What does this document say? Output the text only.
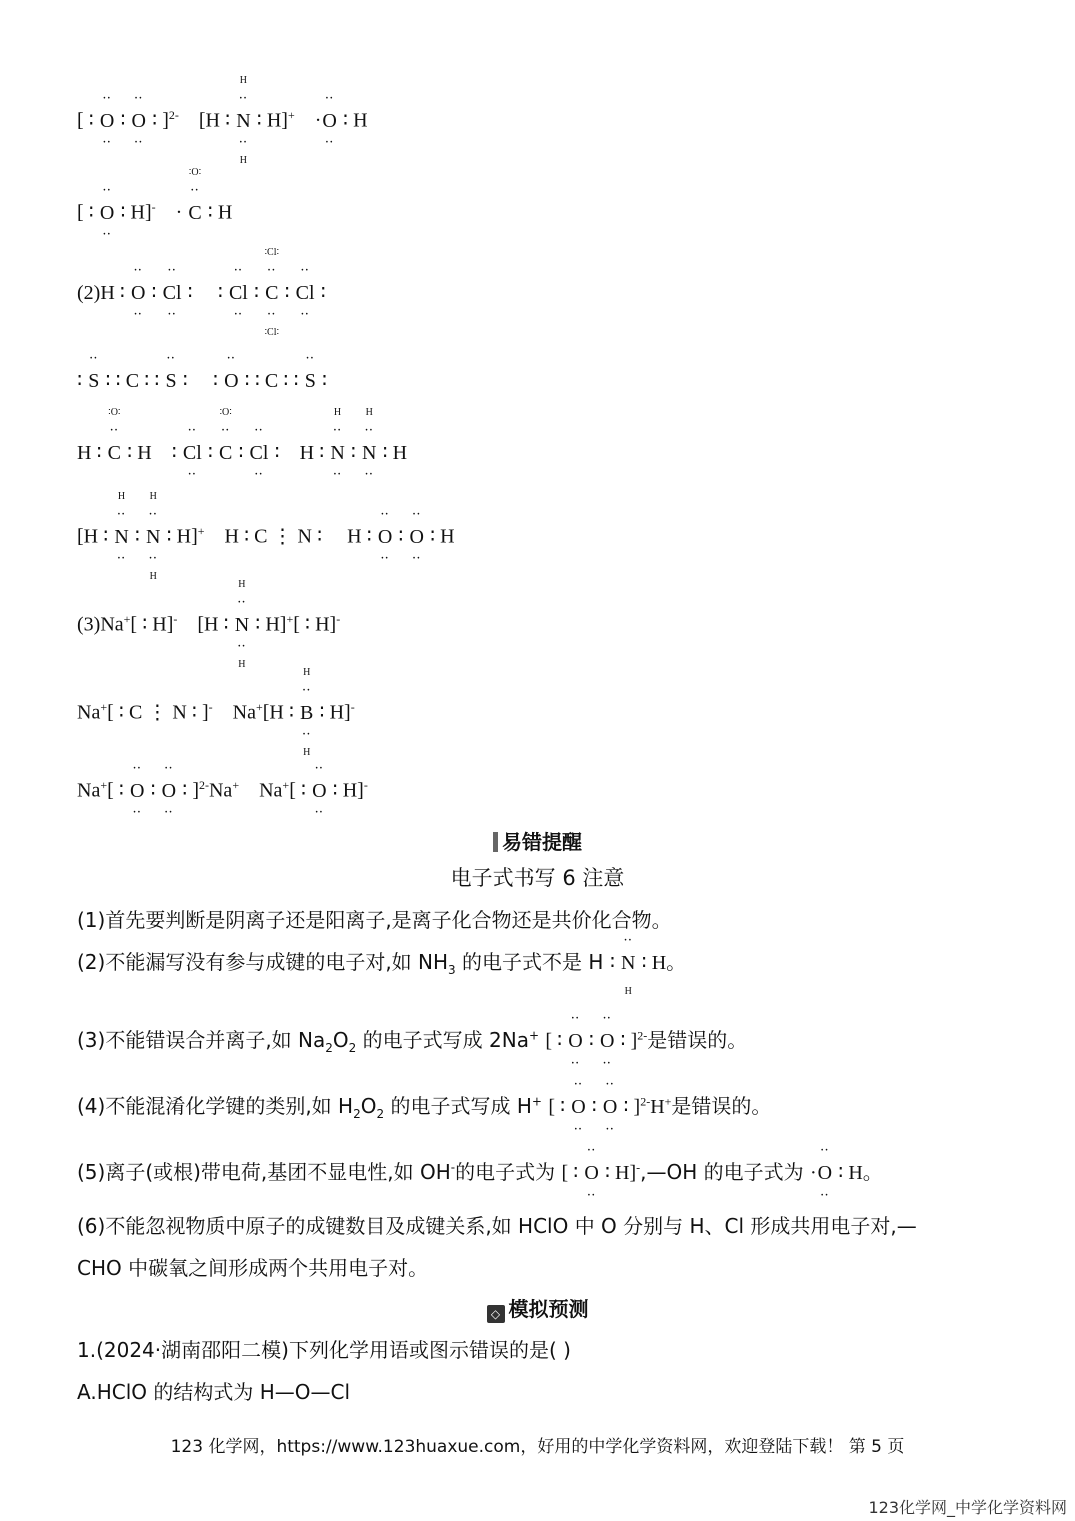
[ ∶ O
··
··
∶ O
··
··
∶ ]$^{2-}$    [H ∶ N
··
··
H
H
∶ H]+    ·O
··
··
∶ H
[ ∶ O
··
··
∶ H]-    · C
··
∶O∶
∶ H
(2)H ∶ O
··
··
∶ Cl
··
··
∶     ∶ Cl
··
··
∶ C
··
··
∶Cl∶
∶Cl∶
∶ Cl
··
··
∶
∶ S
··
∶ ∶ C ∶ ∶ S
··
∶     ∶ O
··
∶ ∶ C ∶ ∶ S
··
∶
H ∶ C
··
∶O∶
∶ H    ∶ Cl
··
··
∶ C
··
∶O∶
∶ Cl
··
··
∶    H ∶ N
··
··
H
∶ N
··
··
H
∶ H
[H ∶ N
··
··
H
∶ N
··
··
H
H
∶ H]+    H ∶ C ⋮ N ∶     H ∶ O
··
··
∶ O
··
··
∶ H
(3)Na+[ ∶ H]-    [H ∶ N
··
··
H
H
∶ H]+[ ∶ H]-
Na+[ ∶ C ⋮ N ∶ ]-    Na+[H ∶ B
··
··
H
H
∶ H]-
Na+[ ∶ O
··
··
∶ O
··
··
∶ ]$^{2-}$Na+    Na+[ ∶ O
··
··
∶ H]-
易错提醒
电子式书写 6 注意
(1)首先要判断是阴离子还是阳离子,是离子化合物还是共价化合物。
(2)不能漏写没有参与成键的电子对,如 $NH_3$ 的电子式不是 H ∶ N
··
H
∶ H。
(3)不能错误合并离子,如 $Na_2O_2$ 的电子式写成 2Na+ [ ∶ O
··
··
∶ O
··
··
∶ ]$^{2-}$是错误的。
(4)不能混淆化学键的类别,如 $H_2O_2$ 的电子式写成 H+ [ ∶ O
··
··
∶ O
··
··
∶ ]$^{2-}$H+是错误的。
(5)离子(或根)带电荷,基团不显电性,如 OH-的电子式为 [ ∶ O
··
··
∶ H]-,—OH 的电子式为 ·O
··
··
∶ H。
(6)不能忽视物质中原子的成键数目及成键关系,如 HClO 中 O 分别与 H、Cl 形成共用电子对,—
CHO 中碳氧之间形成两个共用电子对。
◇ 模拟预测
1.(2024·湖南邵阳二模)下列化学用语或图示错误的是( )
A.HClO 的结构式为 H—O—Cl
123 化学网，https://www.123huaxue.com，好用的中学化学资料网，欢迎登陆下载！ 第 5 页
123化学网_中学化学资料网
